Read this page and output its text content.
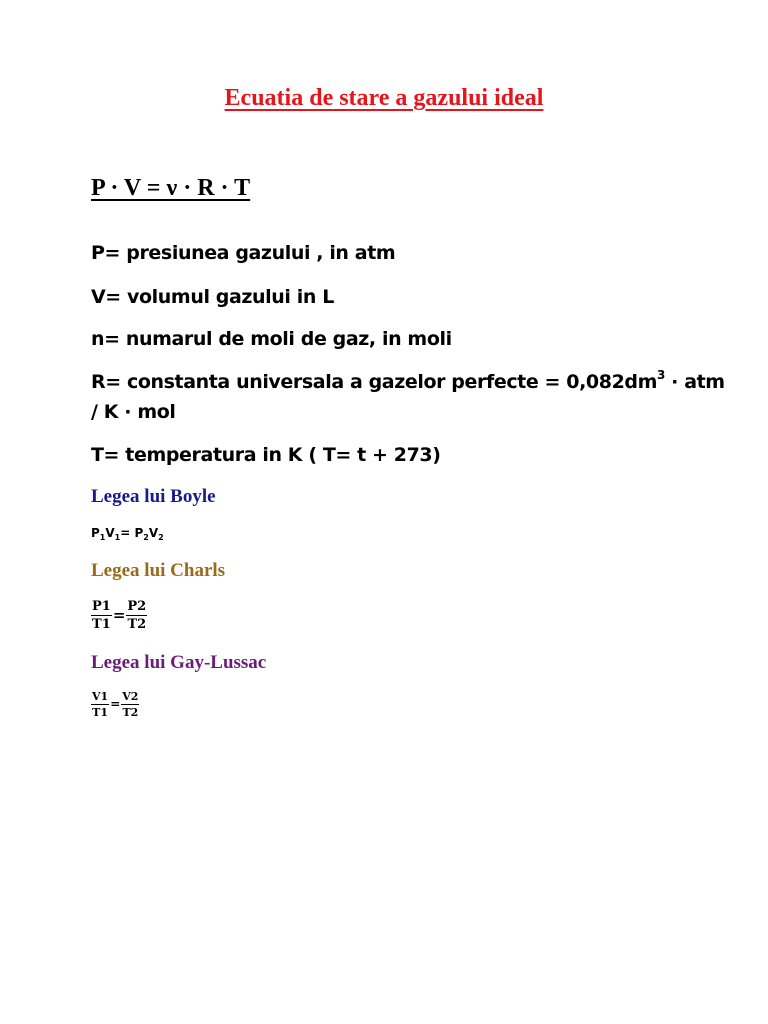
Ecuatia de stare a gazului ideal
P · V = ν · R · T
P= presiunea gazului , in atm
V= volumul gazului in L
n= numarul de moli de gaz, in moli
R= constanta universala a gazelor perfecte = $0,082dm^3$ · atm
/ K · mol
T= temperatura in K ( T= t + 273)
Legea lui Boyle
$P_1V_1= P_2V_2$
Legea lui Charls
$\frac{P1}{T1} = \frac{P2}{T2}$
Legea lui Gay-Lussac
$\frac{V1}{T1} = \frac{V2}{T2}$
